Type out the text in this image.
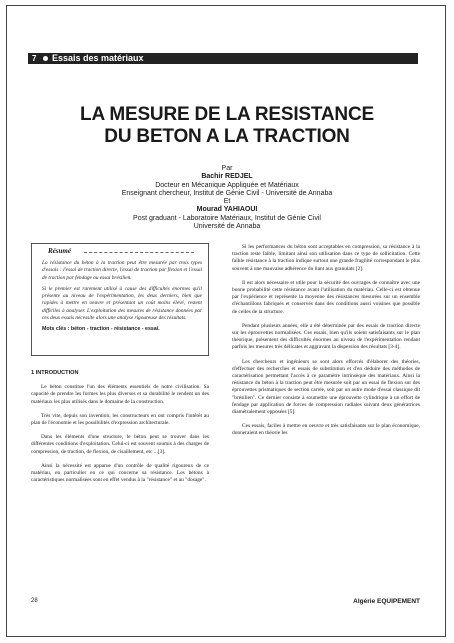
7 Essais des matériaux
LA MESURE DE LA RESISTANCE
DU BETON A LA TRACTION
Par
Bachir REDJEL
Docteur en Mécanique Appliquée et Matériaux
Enseignant chercheur, Institut de Génie Civil - Université de Annaba
Et
Mourad YAHIAOUI
Post graduant - Laboratoire Matériaux, Institut de Génie Civil
Université de Annaba
Résumé

La résistance du béton à la traction peut être mesurée par trois types d'essais : l'essai de traction directe, l'essai de traction par flexion et l'essai de traction par fendage ou essai brésilien.

Si le premier est rarement utilisé à cause des difficultés énormes qu'il présente au niveau de l'expérimentation, les deux derniers, bien que rapides à mettre en oeuvre et présentant un coût moins élevé, restent difficiles à analyser. L'exploitation des mesures de résistance données par ces deux essais nécessite alors une analyse rigoureuse des résultats.

Mots clés : béton - traction - résistance - essai.

1 INTRODUCTION

Le béton constitue l'un des éléments essentiels de notre civilisation. Sa capacité de prendre les formes les plus diverses et sa durabilité le rendent un des matériaux les plus utilisés dans le domaine de la construction.

Très vite, depuis son invention, les constructeurs en ont compris l'intérêt au plan de l'économie et les possibilités d'expression architecturale.

Dans les éléments d'une structure, le béton peut se trouver dans les différentes conditions d'exploitation. Celui-ci est souvent soumis à des charges de compression, de traction, de flexion, de cisaillement, etc ...[3].

Ainsi la nécessité est apparue d'un contrôle de qualité rigoureux de ce matériau, en particulier en ce qui concerne sa résistance. Les bétons à caractéristiques normalisées sont en effet vendus à la "résistance" et au "dosage".

Si les performances du béton sont acceptables en compression, sa résistance à la traction reste faible, limitant ainsi son utilisation dans ce type de sollicitation. Cette faible résistance à la traction indique surtout une grande fragilité correspondant le plus souvent à une mauvaise adhérence du liant aux granulats [2].

Il est alors nécessaire et utile pour la sécurité des ouvrages de connaître avec une bonne probabilité cette résistance avant l'utilisation du matériau. Celle-ci est obtenue par l'expérience et représente la moyenne des résistances mesurées sur un ensemble d'échantillons fabriqués et conservés dans des conditions aussi voisines que possible de celles de la structure.

Pendant plusieurs années, elle a été déterminée par des essais de traction directe sur les éprouvettes normalisées. Ces essais, bien qu'ils soient satisfaisants sur le plan théorique, présentent des difficultés énormes au niveau de l'expérimentation rendant parfois les mesures très délicates et aggravant la dispersion des résultats [3-4].

Les chercheurs et ingénieurs se sont alors efforcés d'élaborer des théories, d'effectuer des recherches et essais de substitution et d'en déduire des méthodes de caractérisation permettant l'accès à ce paramètre intrinsèque des matériaux. Ainsi la résistance du béton à la traction peut être mesurée soit par un essai de flexion sur des éprouvettes prismatiques de section carrée, soit par un autre mode d'essai classique dit "brésilien". Ce dernier consiste à soumettre une éprouvette cylindrique à un effort de fendage par application de forces de compression radiales suivant deux génératrices diamétralement opposées [5].

Ces essais, faciles à mettre en oeuvre et très satisfaisants sur le plan économique, donneraient en théorie les

28	Algérie EQUIPEMENT
